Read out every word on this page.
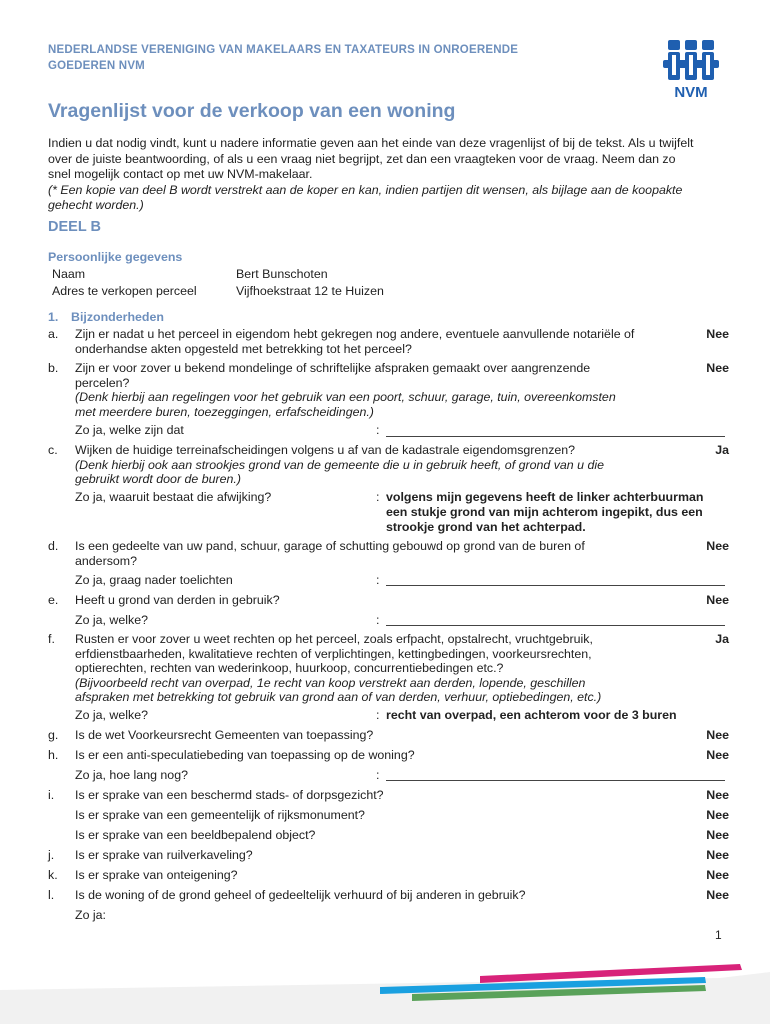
NEDERLANDSE VERENIGING VAN MAKELAARS EN TAXATEURS IN ONROERENDE
GOEDEREN NVM
NVM
Vragenlijst voor de verkoop van een woning
Indien u dat nodig vindt, kunt u nadere informatie geven aan het einde van deze vragenlijst of bij de tekst. Als u twijfelt
over de juiste beantwoording, of als u een vraag niet begrijpt, zet dan een vraagteken voor de vraag. Neem dan zo
snel mogelijk contact op met uw NVM-makelaar.
(* Een kopie van deel B wordt verstrekt aan de koper en kan, indien partijen dit wensen, als bijlage aan de koopakte
gehecht worden.)
DEEL B
Persoonlijke gegevens
Naam	Bert Bunschoten
Adres te verkopen perceel	Vijfhoekstraat 12 te Huizen
1. Bijzonderheden
a. Zijn er nadat u het perceel in eigendom hebt gekregen nog andere, eventuele aanvullende notariële of
onderhandse akten opgesteld met betrekking tot het perceel?
Nee
b. Zijn er voor zover u bekend mondelinge of schriftelijke afspraken gemaakt over aangrenzende
percelen?
(Denk hierbij aan regelingen voor het gebruik van een poort, schuur, garage, tuin, overeenkomsten
met meerdere buren, toezeggingen, erfafscheidingen.)
Nee
Zo ja, welke zijn dat	:
c. Wijken de huidige terreinafscheidingen volgens u af van de kadastrale eigendomsgrenzen?
(Denk hierbij ook aan strookjes grond van de gemeente die u in gebruik heeft, of grond van u die
gebruikt wordt door de buren.)
Ja
Zo ja, waaruit bestaat die afwijking?	: volgens mijn gegevens heeft de linker achterbuurman
een stukje grond van mijn achterom ingepikt, dus een
strookje grond van het achterpad.
d. Is een gedeelte van uw pand, schuur, garage of schutting gebouwd op grond van de buren of
andersom?
Nee
Zo ja, graag nader toelichten	:
e. Heeft u grond van derden in gebruik?	Nee
Zo ja, welke?	:
f. Rusten er voor zover u weet rechten op het perceel, zoals erfpacht, opstalrecht, vruchtgebruik,
erfdienstbaarheden, kwalitatieve rechten of verplichtingen, kettingbedingen, voorkeursrechten,
optierechten, rechten van wederinkoop, huurkoop, concurrentiebedingen etc.?
(Bijvoorbeeld recht van overpad, 1e recht van koop verstrekt aan derden, lopende, geschillen
afspraken met betrekking tot gebruik van grond aan of van derden, verhuur, optiebedingen, etc.)
Ja
Zo ja, welke?	: recht van overpad, een achterom voor de 3 buren
g. Is de wet Voorkeursrecht Gemeenten van toepassing?	Nee
h. Is er een anti-speculatiebeding van toepassing op de woning?	Nee
Zo ja, hoe lang nog?	:
i. Is er sprake van een beschermd stads- of dorpsgezicht?	Nee
Is er sprake van een gemeentelijk of rijksmonument?	Nee
Is er sprake van een beeldbepalend object?	Nee
j. Is er sprake van ruilverkaveling?	Nee
k. Is er sprake van onteigening?	Nee
l. Is de woning of de grond geheel of gedeeltelijk verhuurd of bij anderen in gebruik?	Nee
Zo ja:
1
